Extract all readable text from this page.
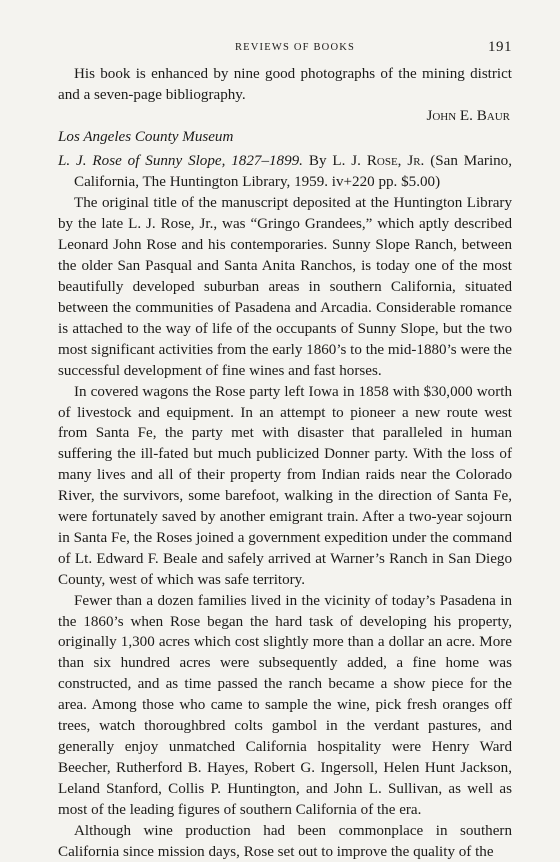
REVIEWS OF BOOKS	191

His book is enhanced by nine good photographs of the mining district and a seven-page bibliography.

John E. Baur

Los Angeles County Museum

L. J. Rose of Sunny Slope, 1827–1899. By L. J. Rose, Jr. (San Marino, California, The Huntington Library, 1959. iv+220 pp. $5.00)

The original title of the manuscript deposited at the Huntington Library by the late L. J. Rose, Jr., was “Gringo Grandees,” which aptly described Leonard John Rose and his contemporaries. Sunny Slope Ranch, between the older San Pasqual and Santa Anita Ranchos, is today one of the most beautifully developed suburban areas in southern California, situated between the communities of Pasadena and Arcadia. Considerable romance is attached to the way of life of the occupants of Sunny Slope, but the two most significant activities from the early 1860’s to the mid-1880’s were the successful development of fine wines and fast horses.

In covered wagons the Rose party left Iowa in 1858 with $30,000 worth of livestock and equipment. In an attempt to pioneer a new route west from Santa Fe, the party met with disaster that paralleled in human suffering the ill-fated but much publicized Donner party. With the loss of many lives and all of their property from Indian raids near the Colorado River, the survivors, some barefoot, walking in the direction of Santa Fe, were fortunately saved by another emigrant train. After a two-year sojourn in Santa Fe, the Roses joined a government expedition under the command of Lt. Edward F. Beale and safely arrived at Warner’s Ranch in San Diego County, west of which was safe territory.

Fewer than a dozen families lived in the vicinity of today’s Pasadena in the 1860’s when Rose began the hard task of developing his property, originally 1,300 acres which cost slightly more than a dollar an acre. More than six hundred acres were subsequently added, a fine home was constructed, and as time passed the ranch became a show piece for the area. Among those who came to sample the wine, pick fresh oranges off trees, watch thoroughbred colts gambol in the verdant pastures, and generally enjoy unmatched California hospitality were Henry Ward Beecher, Rutherford B. Hayes, Robert G. Ingersoll, Helen Hunt Jackson, Leland Stanford, Collis P. Huntington, and John L. Sullivan, as well as most of the leading figures of southern California of the era.

Although wine production had been commonplace in southern California since mission days, Rose set out to improve the quality of the
